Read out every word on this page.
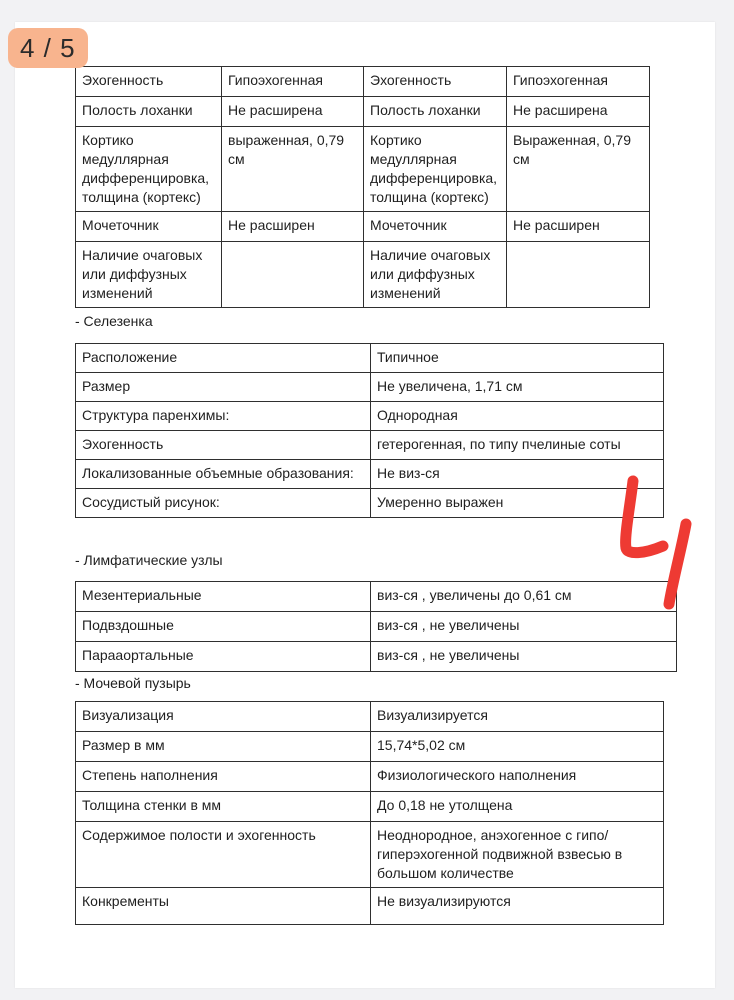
4 / 5
Эхогенность	Гипоэхогенная	Эхогенность	Гипоэхогенная
Полость лоханки	Не расширена	Полость лоханки	Не расширена
Кортико медуллярная дифференцировка, толщина (кортекс)	выраженная, 0,79 см	Кортико медуллярная дифференцировка, толщина (кортекс)	Выраженная, 0,79 см
Мочеточник	Не расширен	Мочеточник	Не расширен
Наличие очаговых или диффузных изменений		Наличие очаговых или диффузных изменений	
- Селезенка
Расположение	Типичное
Размер	Не увеличена, 1,71 см
Структура паренхимы:	Однородная
Эхогенность	гетерогенная, по типу пчелиные соты
Локализованные объемные образования:	Не виз-ся
Сосудистый рисунок:	Умеренно выражен
- Лимфатические узлы
Мезентериальные	виз-ся , увеличены до 0,61 см
Подвздошные	виз-ся , не увеличены
Парааортальные	виз-ся , не увеличены
- Мочевой пузырь
Визуализация	Визуализируется
Размер в мм	15,74*5,02 см
Степень наполнения	Физиологического наполнения
Толщина стенки в мм	До 0,18 не утолщена
Содержимое полости и эхогенность	Неоднородное, анэхогенное с гипо/гиперэхогенной подвижной взвесью в большом количестве
Конкременты	Не визуализируются
